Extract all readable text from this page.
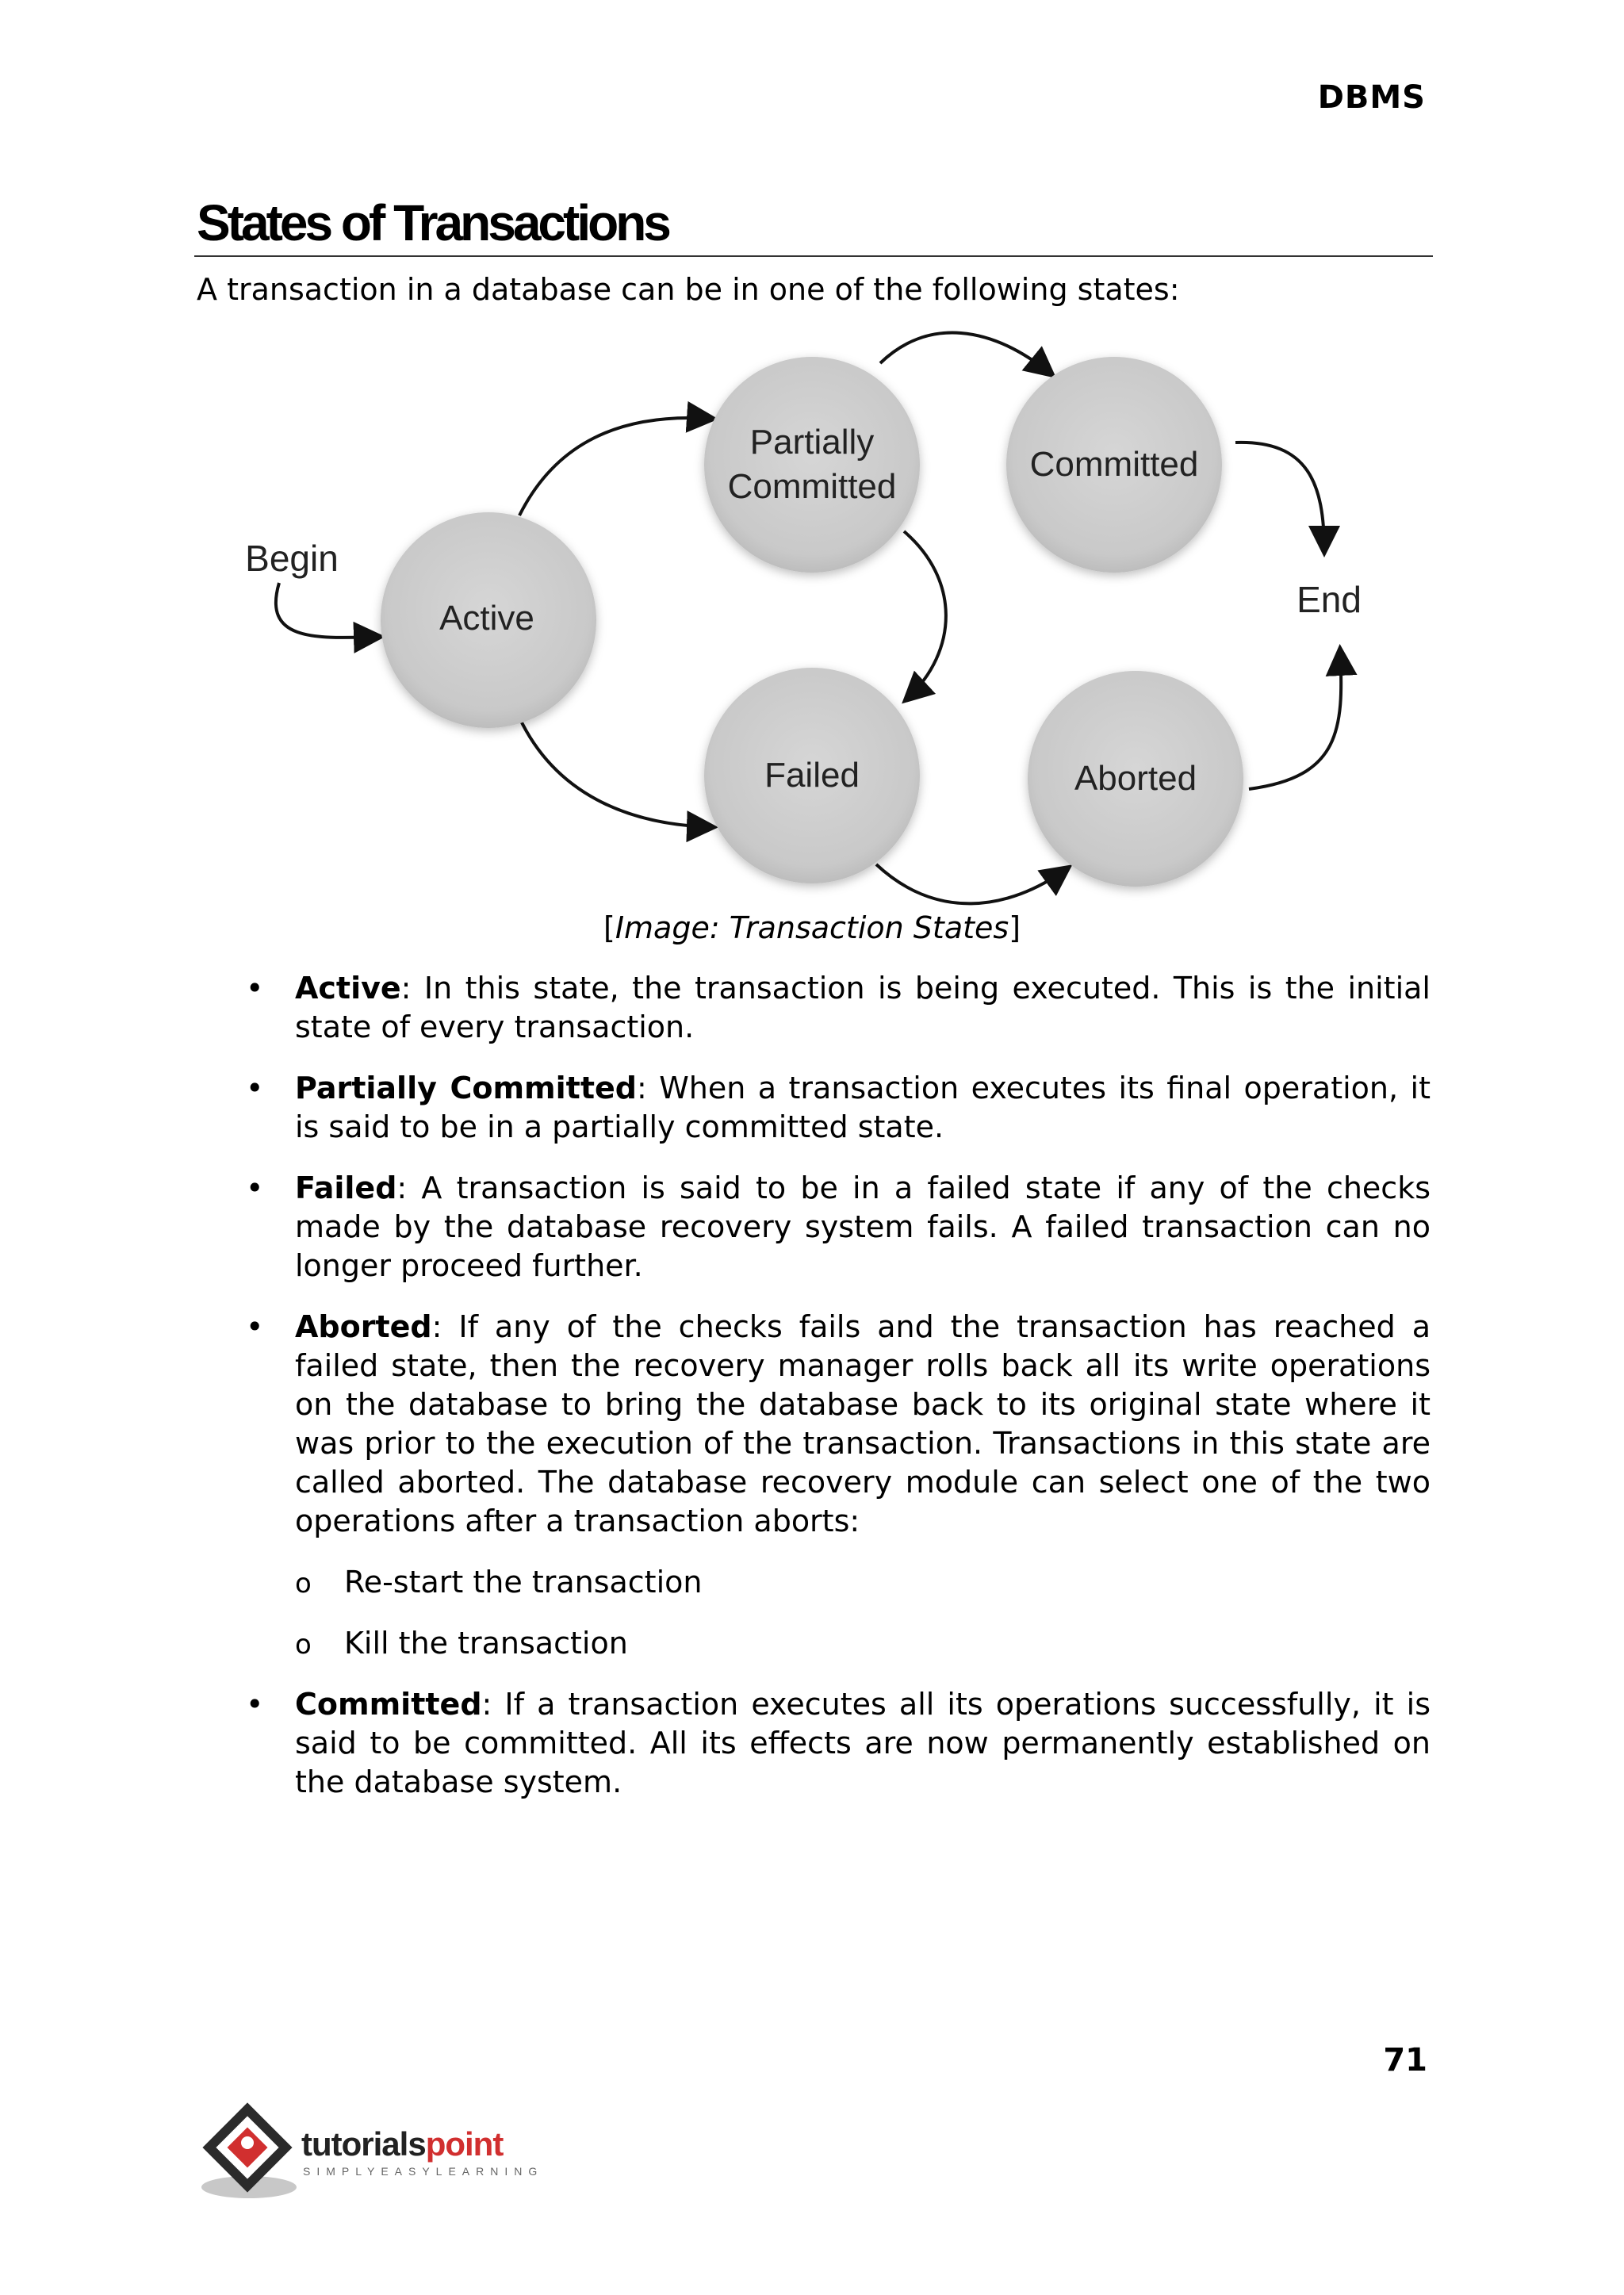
DBMS
States of Transactions

A transaction in a database can be in one of the following states:

Begin
End
Active
Partially
Committed
Committed
Failed	Aborted
[Image: Transaction States]
• Active: In this state, the transaction is being executed. This is the initial state of every transaction.
• Partially Committed: When a transaction executes its final operation, it is said to be in a partially committed state.
• Failed: A transaction is said to be in a failed state if any of the checks made by the database recovery system fails. A failed transaction can no longer proceed further.
• Aborted: If any of the checks fails and the transaction has reached a failed state, then the recovery manager rolls back all its write operations on the database to bring the database back to its original state where it was prior to the execution of the transaction. Transactions in this state are called aborted. The database recovery module can select one of the two operations after a transaction aborts:
o Re-start the transaction
o Kill the transaction
• Committed: If a transaction executes all its operations successfully, it is said to be committed. All its effects are now permanently established on the database system.
71
tutorialspoint
SIMPLYEASYLEARNING
